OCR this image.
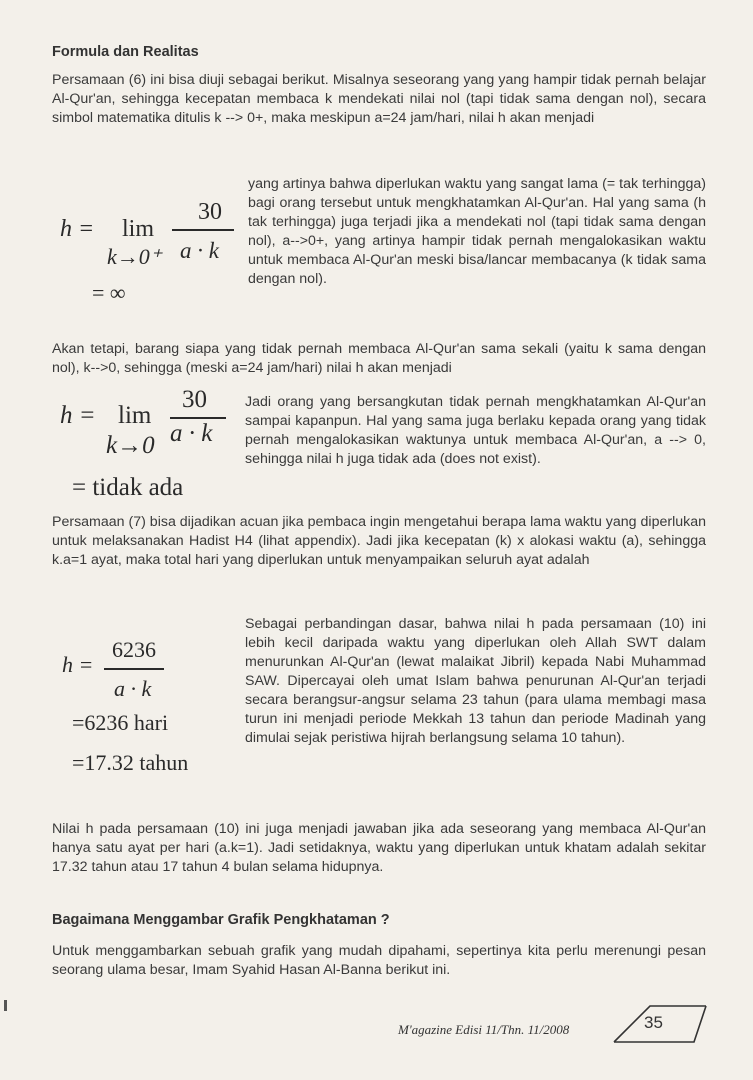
Formula dan Realitas
Persamaan (6) ini bisa diuji sebagai berikut. Misalnya seseorang yang yang hampir tidak pernah belajar Al-Qur'an, sehingga kecepatan membaca k mendekati nilai nol (tapi tidak sama dengan nol), secara simbol matematika ditulis k --> 0+, maka meskipun a=24 jam/hari, nilai h akan menjadi
h = lim
30
a · k
k→0⁺
= ∞
yang artinya bahwa diperlukan waktu yang sangat lama (= tak terhingga) bagi orang tersebut untuk mengkhatamkan Al-Qur'an. Hal yang sama (h tak terhingga) juga terjadi jika a mendekati nol (tapi tidak sama dengan nol), a-->0+, yang artinya hampir tidak pernah mengalokasikan waktu untuk membaca Al-Qur'an meski bisa/lancar membacanya (k tidak sama dengan nol).
Akan tetapi, barang siapa yang tidak pernah membaca Al-Qur'an sama sekali (yaitu k sama dengan nol), k-->0, sehingga (meski a=24 jam/hari) nilai h akan menjadi
h = lim
30
a · k
k→0
= tidak ada
Jadi orang yang bersangkutan tidak pernah mengkhatamkan Al-Qur'an sampai kapanpun. Hal yang sama juga berlaku kepada orang yang tidak pernah mengalokasikan waktunya untuk membaca Al-Qur'an, a --> 0, sehingga nilai h juga tidak ada (does not exist).
Persamaan (7) bisa dijadikan acuan jika pembaca ingin mengetahui berapa lama waktu yang diperlukan untuk melaksanakan Hadist H4 (lihat appendix). Jadi jika kecepatan (k) x alokasi waktu (a), sehingga k.a=1 ayat, maka total hari yang diperlukan untuk menyampaikan seluruh ayat adalah
h =
6236
a · k
=6236 hari
=17.32 tahun
Sebagai perbandingan dasar, bahwa nilai h pada persamaan (10) ini lebih kecil daripada waktu yang diperlukan oleh Allah SWT dalam menurunkan Al-Qur'an (lewat malaikat Jibril) kepada Nabi Muhammad SAW. Dipercayai oleh umat Islam bahwa penurunan Al-Qur'an terjadi secara berangsur-angsur selama 23 tahun (para ulama membagi masa turun ini menjadi periode Mekkah 13 tahun dan periode Madinah yang dimulai sejak peristiwa hijrah berlangsung selama 10 tahun).
Nilai h pada persamaan (10) ini juga menjadi jawaban jika ada seseorang yang membaca Al-Qur'an hanya satu ayat per hari (a.k=1). Jadi setidaknya, waktu yang diperlukan untuk khatam adalah sekitar 17.32 tahun atau 17 tahun 4 bulan selama hidupnya.
Bagaimana Menggambar Grafik Pengkhataman ?
Untuk menggambarkan sebuah grafik yang mudah dipahami, sepertinya kita perlu merenungi pesan seorang ulama besar, Imam Syahid Hasan Al-Banna berikut ini.
M'agazine Edisi 11/Thn. 11/2008	35
